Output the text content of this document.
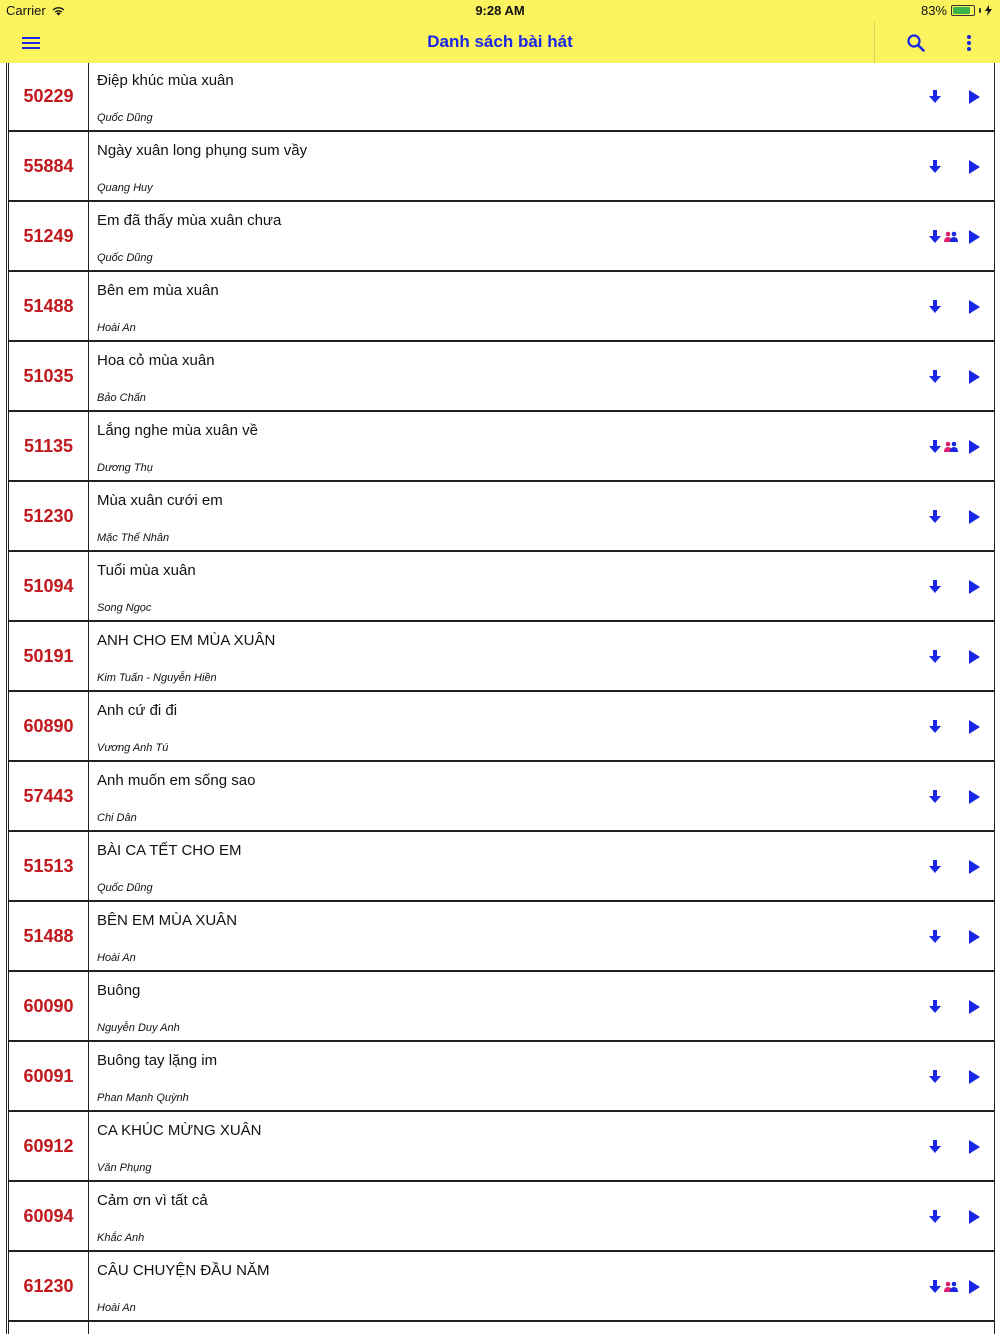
Carrier	9:28 AM	83%
Danh sách bài hát
50229
Điệp khúc mùa xuân
Quốc Dũng
55884
Ngày xuân long phụng sum vầy
Quang Huy
51249
Em đã thấy mùa xuân chưa
Quốc Dũng
51488
Bên em mùa xuân
Hoài An
51035
Hoa cỏ mùa xuân
Bảo Chấn
51135
Lắng nghe mùa xuân về
Dương Thụ
51230
Mùa xuân cưới em
Mặc Thế Nhân
51094
Tuổi mùa xuân
Song Ngọc
50191
ANH CHO EM MÙA XUÂN
Kim Tuấn - Nguyễn Hiền
60890
Anh cứ đi đi
Vương Anh Tú
57443
Anh muốn em sống sao
Chi Dân
51513
BÀI CA TẾT CHO EM
Quốc Dũng
51488
BÊN EM MÙA XUÂN
Hoài An
60090
Buông
Nguyễn Duy Anh
60091
Buông tay lặng im
Phan Mạnh Quỳnh
60912
CA KHÚC MỪNG XUÂN
Văn Phụng
60094
Cảm ơn vì tất cả
Khắc Anh
61230
CÂU CHUYỆN ĐẦU NĂM
Hoài An
